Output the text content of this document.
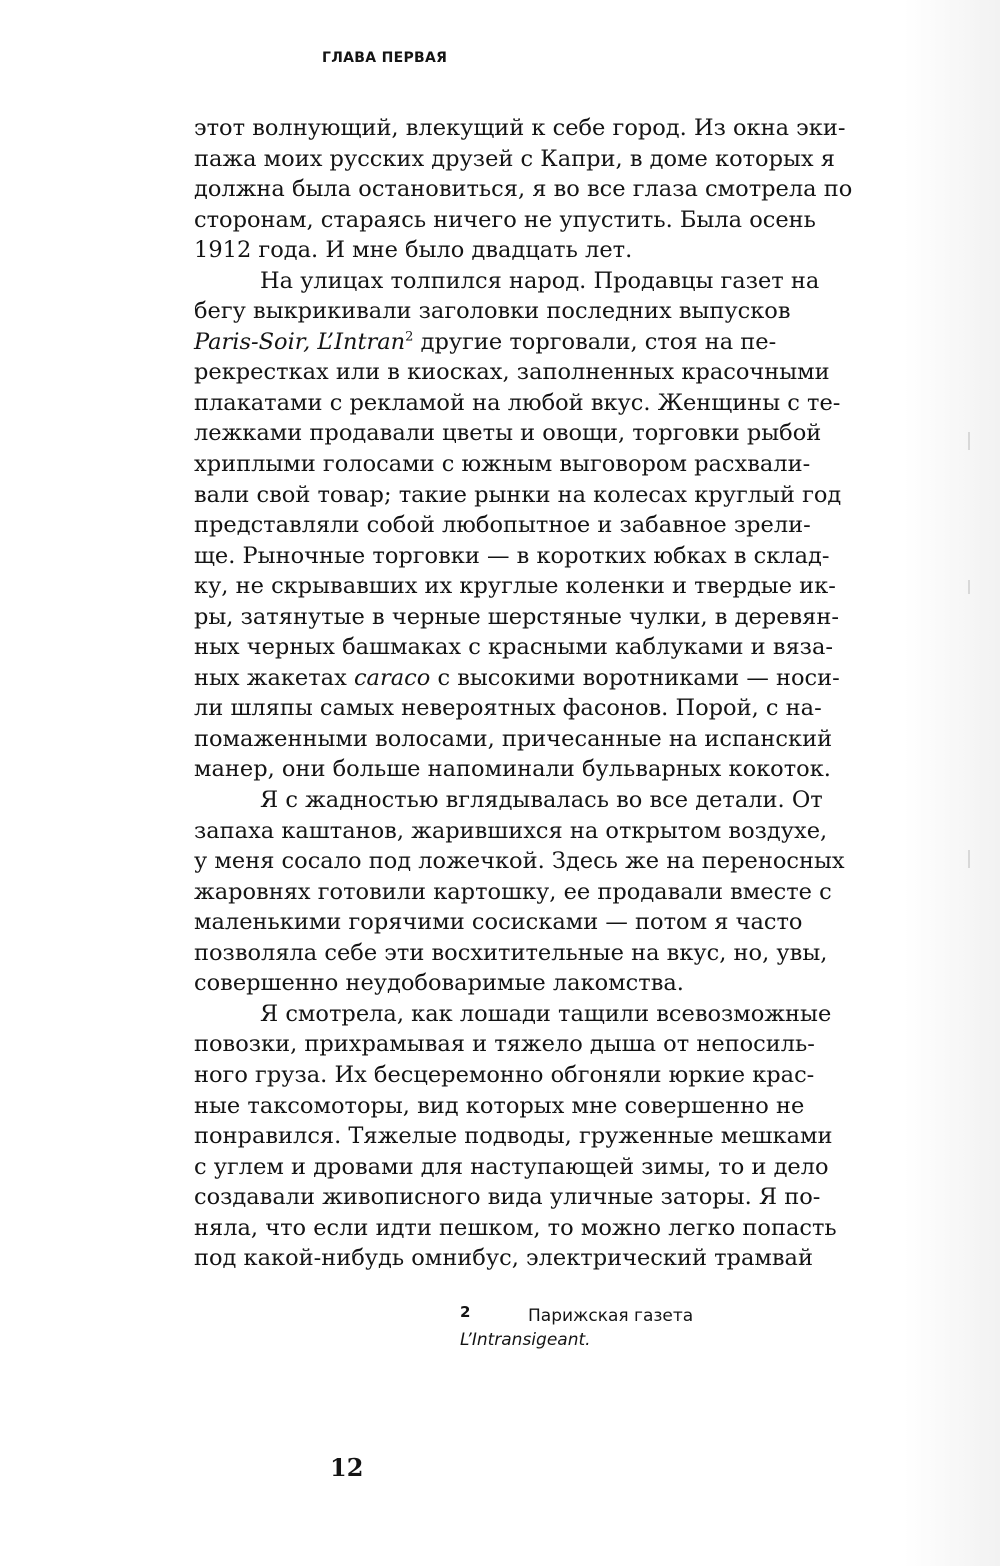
ГЛАВА ПЕРВАЯ
этот волнующий, влекущий к себе город. Из окна эки-
пажа моих русских друзей с Капри, в доме которых я
должна была остановиться, я во все глаза смотрела по
сторонам, стараясь ничего не упустить. Была осень
1912 года. И мне было двадцать лет.
На улицах толпился народ. Продавцы газет на
бегу выкрикивали заголовки последних выпусков
Paris-Soir, L’Intran$^2$ другие торговали, стоя на пе-
рекрестках или в киосках, заполненных красочными
плакатами с рекламой на любой вкус. Женщины с те-
лежками продавали цветы и овощи, торговки рыбой
хриплыми голосами с южным выговором расхвали-
вали свой товар; такие рынки на колесах круглый год
представляли собой любопытное и забавное зрели-
ще. Рыночные торговки — в коротких юбках в склад-
ку, не скрывавших их круглые коленки и твердые ик-
ры, затянутые в черные шерстяные чулки, в деревян-
ных черных башмаках с красными каблуками и вяза-
ных жакетах caraco с высокими воротниками — носи-
ли шляпы самых невероятных фасонов. Порой, с на-
помаженными волосами, причесанные на испанский
манер, они больше напоминали бульварных кокоток.
Я с жадностью вглядывалась во все детали. От
запаха каштанов, жарившихся на открытом воздухе,
у меня сосало под ложечкой. Здесь же на переносных
жаровнях готовили картошку, ее продавали вместе с
маленькими горячими сосисками — потом я часто
позволяла себе эти восхитительные на вкус, но, увы,
совершенно неудобоваримые лакомства.
Я смотрела, как лошади тащили всевозможные
повозки, прихрамывая и тяжело дыша от непосиль-
ного груза. Их бесцеремонно обгоняли юркие крас-
ные таксомоторы, вид которых мне совершенно не
понравился. Тяжелые подводы, груженные мешками
с углем и дровами для наступающей зимы, то и дело
создавали живописного вида уличные заторы. Я по-
няла, что если идти пешком, то можно легко попасть
под какой-нибудь омнибус, электрический трамвай
2	Парижская газета
L’Intransigeant.
12
